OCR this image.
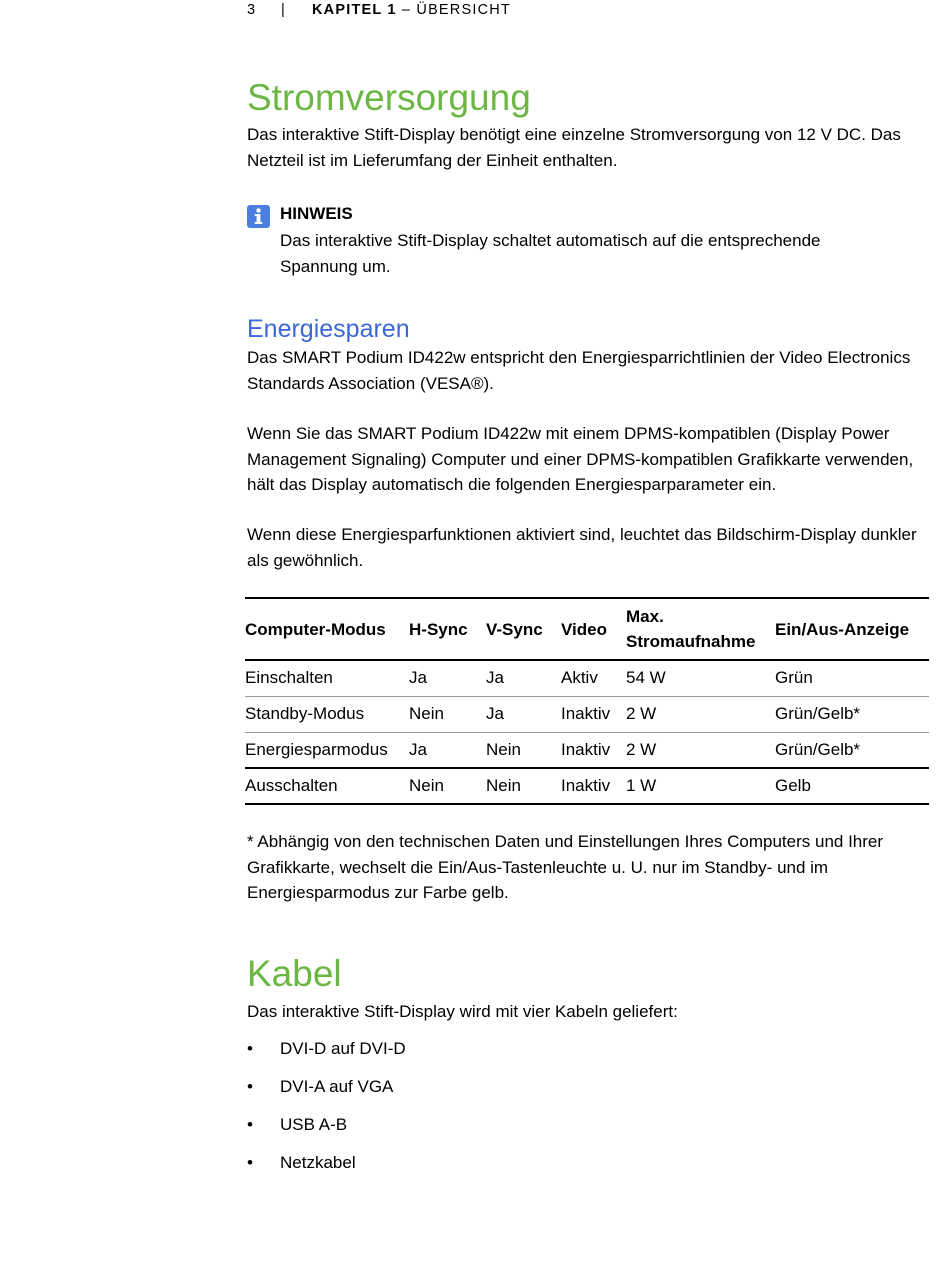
3 | KAPITEL 1 – ÜBERSICHT
Stromversorgung

Das interaktive Stift-Display benötigt eine einzelne Stromversorgung von 12 V DC. Das Netzteil ist im Lieferumfang der Einheit enthalten.

HINWEIS

Das interaktive Stift-Display schaltet automatisch auf die entsprechende Spannung um.

Energiesparen

Das SMART Podium ID422w entspricht den Energiesparrichtlinien der Video Electronics Standards Association (VESA®).

Wenn Sie das SMART Podium ID422w mit einem DPMS-kompatiblen (Display Power Management Signaling) Computer und einer DPMS-kompatiblen Grafikkarte verwenden, hält das Display automatisch die folgenden Energiesparparameter ein.

Wenn diese Energiesparfunktionen aktiviert sind, leuchtet das Bildschirm-Display dunkler als gewöhnlich.

* Abhängig von den technischen Daten und Einstellungen Ihres Computers und Ihrer Grafikkarte, wechselt die Ein/Aus-Tastenleuchte u. U. nur im Standby- und im Energiesparmodus zur Farbe gelb.

Kabel

Das interaktive Stift-Display wird mit vier Kabeln geliefert:

• DVI-D auf DVI-D
• DVI-A auf VGA
• USB A-B
• Netzkabel
Computer-Modus	H-Sync	V-Sync	Video	Max. Stromaufnahme	Ein/Aus-Anzeige
Einschalten	Ja	Ja	Aktiv	54 W	Grün
Standby-Modus	Nein	Ja	Inaktiv	2 W	Grün/Gelb*
Energiesparmodus	Ja	Nein	Inaktiv	2 W	Grün/Gelb*
Ausschalten	Nein	Nein	Inaktiv	1 W	Gelb
